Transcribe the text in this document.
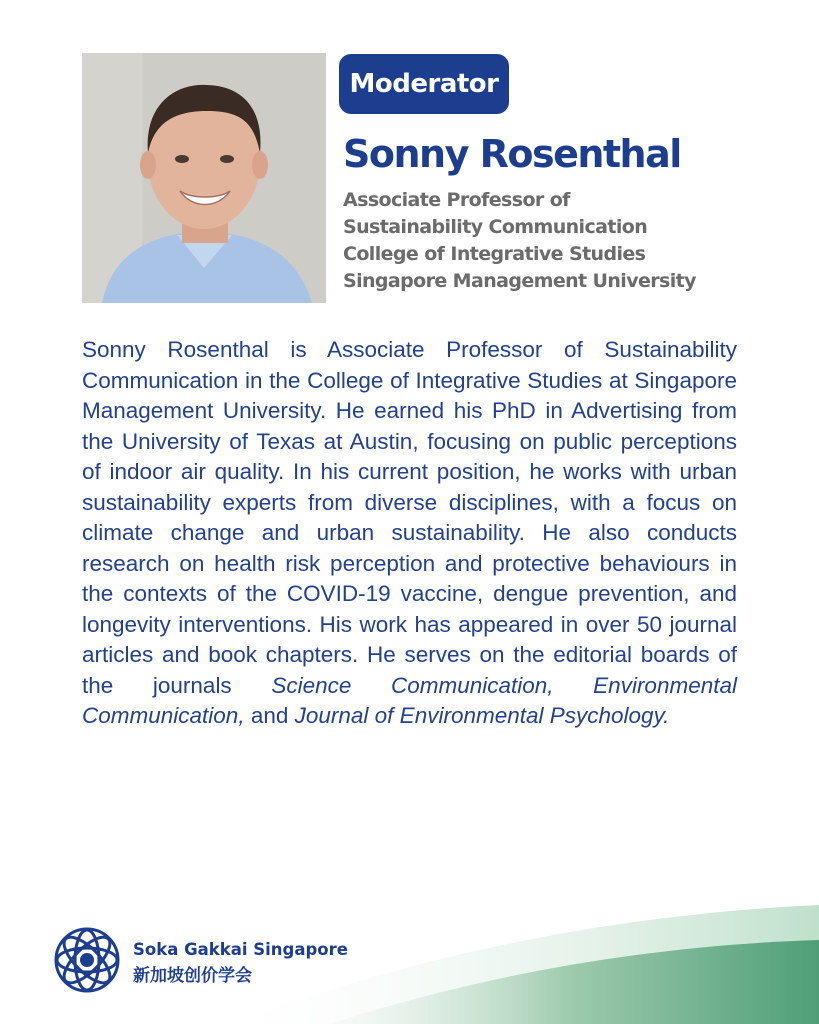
Moderator
Sonny Rosenthal
Associate Professor of
Sustainability Communication
College of Integrative Studies
Singapore Management University
Sonny Rosenthal is Associate Professor of Sustainability Communication in the College of Integrative Studies at Singapore Management University. He earned his PhD in Advertising from the University of Texas at Austin, focusing on public perceptions of indoor air quality. In his current position, he works with urban sustainability experts from diverse disciplines, with a focus on climate change and urban sustainability. He also conducts research on health risk perception and protective behaviours in the contexts of the COVID-19 vaccine, dengue prevention, and longevity interventions. His work has appeared in over 50 journal articles and book chapters. He serves on the editorial boards of the journals Science Communication, Environmental Communication, and Journal of Environmental Psychology.
Soka Gakkai Singapore
新加坡创价学会
